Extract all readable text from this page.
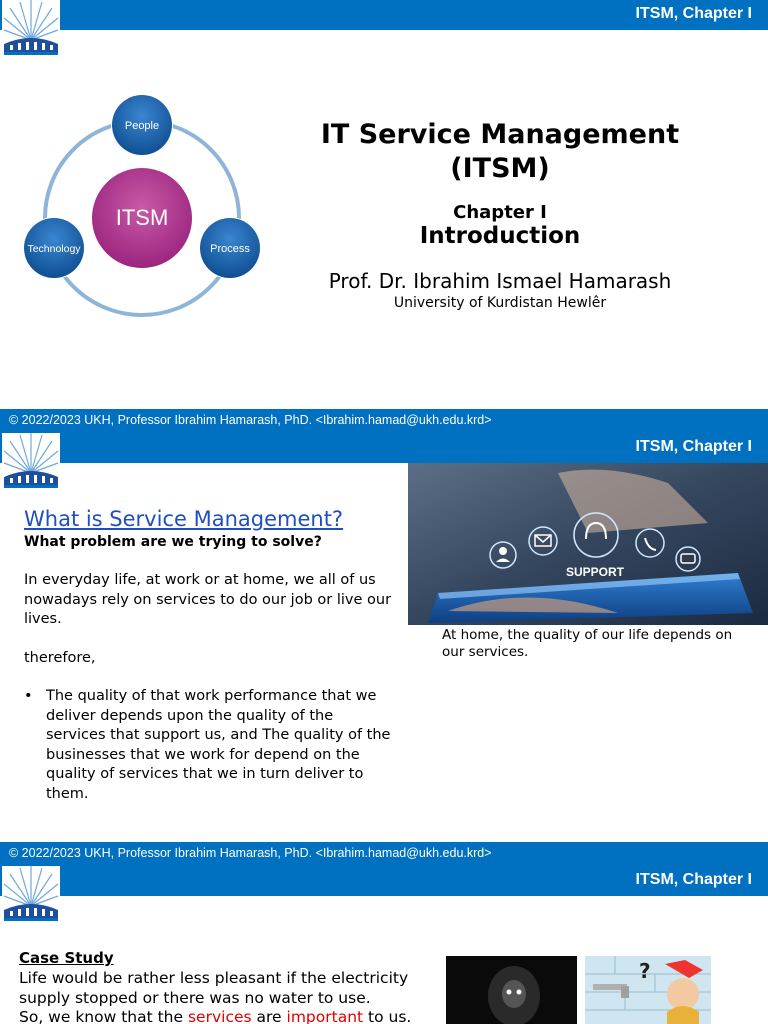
ITSM, Chapter I
ITSM
People
Technology	Process
IT Service Management
(ITSM)
Chapter I
Introduction
Prof. Dr. Ibrahim Ismael Hamarash
University of Kurdistan Hewlêr
© 2022/2023 UKH, Professor Ibrahim Hamarash, PhD. <Ibrahim.hamad@ukh.edu.krd>
ITSM, Chapter I
What is Service Management?
What problem are we trying to solve?
In everyday life, at work or at home, we all of us nowadays rely on services to do our job or live our lives.
therefore,
• The quality of that work performance that we deliver depends upon the quality of the services that support us, and The quality of the businesses that we work for depend on the quality of services that we in turn deliver to them.
SUPPORT
At home, the quality of our life depends on our services.
© 2022/2023 UKH, Professor Ibrahim Hamarash, PhD. <Ibrahim.hamad@ukh.edu.krd>
ITSM, Chapter I
Case Study
Life would be rather less pleasant if the electricity supply stopped or there was no water to use.
So, we know that the services are important to us.
?
